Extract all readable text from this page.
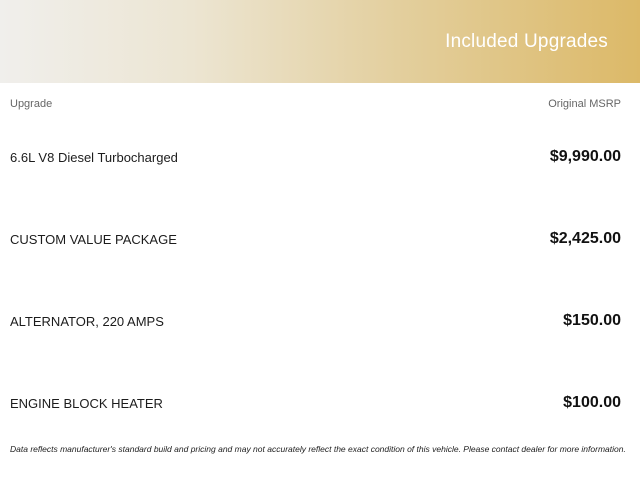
Included Upgrades
Upgrade	Original MSRP
6.6L V8 Diesel Turbocharged	$9,990.00
CUSTOM VALUE PACKAGE	$2,425.00
ALTERNATOR, 220 AMPS	$150.00
ENGINE BLOCK HEATER	$100.00
Data reflects manufacturer's standard build and pricing and may not accurately reflect the exact condition of this vehicle. Please contact dealer for more information.
